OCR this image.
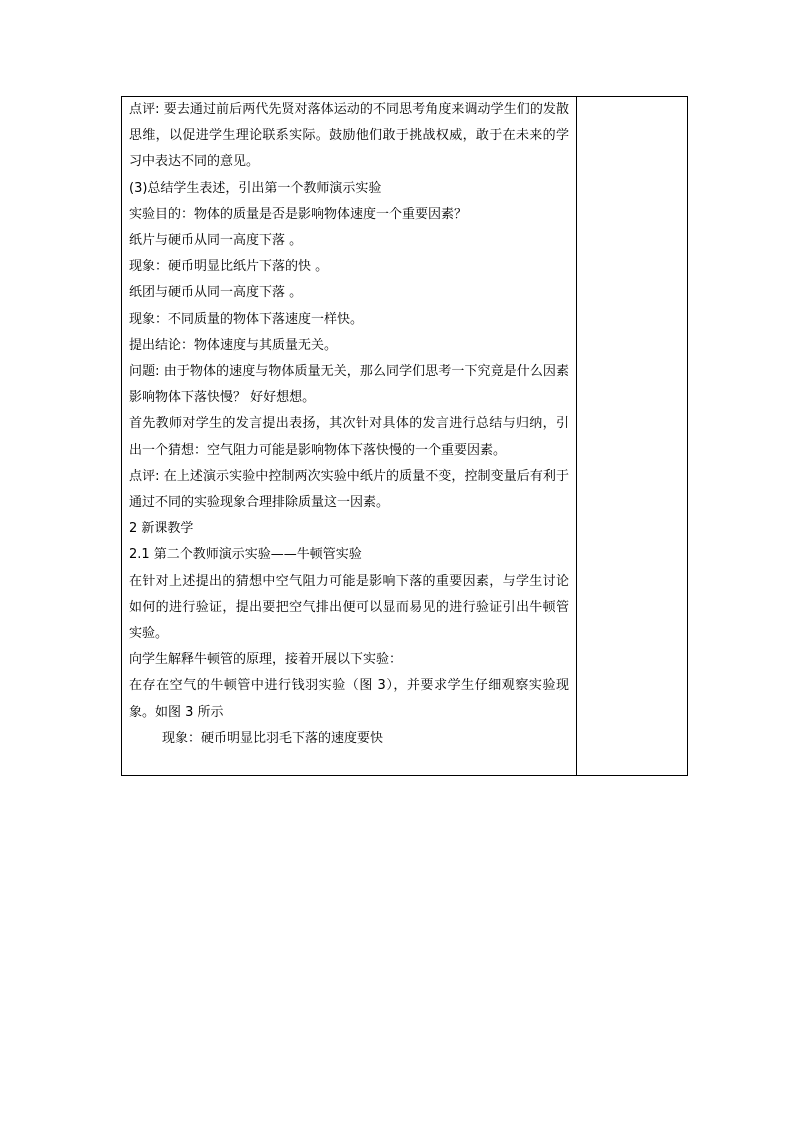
点评: 要去通过前后两代先贤对落体运动的不同思考角度来调动学生们的发散思维，以促进学生理论联系实际。鼓励他们敢于挑战权威，敢于在未来的学习中表达不同的意见。

(3)总结学生表述，引出第一个教师演示实验

实验目的：物体的质量是否是影响物体速度一个重要因素？

纸片与硬币从同一高度下落 。

现象：硬币明显比纸片下落的快 。

纸团与硬币从同一高度下落 。

现象：不同质量的物体下落速度一样快。

提出结论：物体速度与其质量无关。

问题: 由于物体的速度与物体质量无关，那么同学们思考一下究竟是什么因素影响物体下落快慢？ 好好想想。

首先教师对学生的发言提出表扬，其次针对具体的发言进行总结与归纳，引出一个猜想：空气阻力可能是影响物体下落快慢的一个重要因素。

点评: 在上述演示实验中控制两次实验中纸片的质量不变，控制变量后有利于通过不同的实验现象合理排除质量这一因素。

2 新课教学

2.1 第二个教师演示实验——牛顿管实验

在针对上述提出的猜想中空气阻力可能是影响下落的重要因素，与学生讨论如何的进行验证，提出要把空气排出便可以显而易见的进行验证引出牛顿管实验。

向学生解释牛顿管的原理，接着开展以下实验：

在存在空气的牛顿管中进行钱羽实验（图 3），并要求学生仔细观察实验现象。如图 3 所示

现象：硬币明显比羽毛下落的速度要快
